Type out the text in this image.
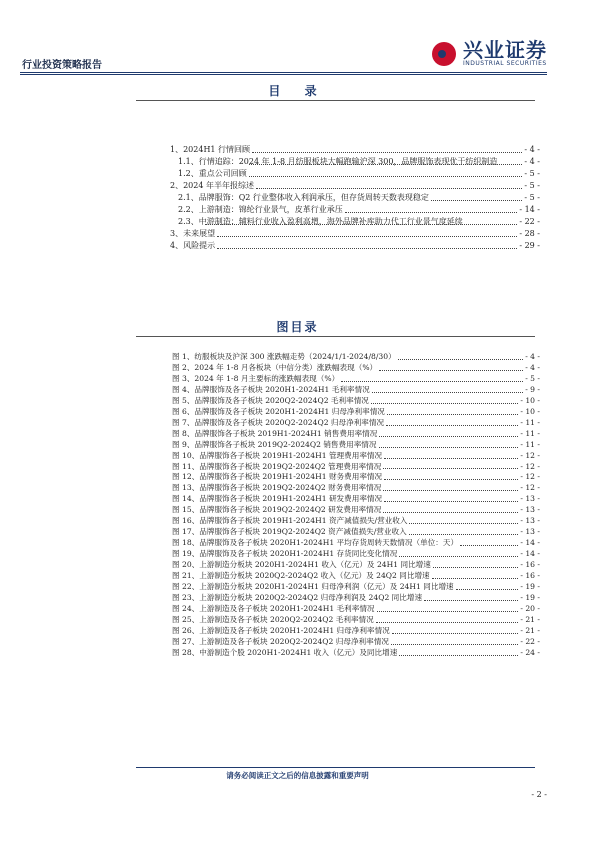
行业投资策略报告
兴业证券
INDUSTRIAL SECURITIES
目 录
1、2024H1 行情回顾	- 4 -
1.1、行情追踪：2024 年 1-8 月纺服板块大幅跑输沪深 300，品牌服饰表现优于纺织制造	- 4 -
1.2、重点公司回顾	- 5 -
2、2024 年半年报综述	- 5 -
2.1、品牌服饰：Q2 行业整体收入利润承压，但存货周转天数表现稳定	- 5 -
2.2、上游制造：锦纶行业景气，皮革行业承压	- 14 -
2.3、中游制造：辅料行业收入盈利高增，海外品牌补库助力代工行业景气度延续	- 22 -
3、未来展望	- 28 -
4、风险提示	- 29 -
图目录
图 1、纺服板块及沪深 300 涨跌幅走势（2024/1/1-2024/8/30）	- 4 -
图 2、2024 年 1-8 月各板块（中信分类）涨跌幅表现（%）	- 4 -
图 3、2024 年 1-8 月主要标的涨跌幅表现（%）	- 5 -
图 4、品牌服饰及各子板块 2020H1-2024H1 毛利率情况	- 9 -
图 5、品牌服饰及各子板块 2020Q2-2024Q2 毛利率情况	- 10 -
图 6、品牌服饰及各子板块 2020H1-2024H1 归母净利率情况	- 10 -
图 7、品牌服饰及各子板块 2020Q2-2024Q2 归母净利率情况	- 11 -
图 8、品牌服饰各子板块 2019H1-2024H1 销售费用率情况	- 11 -
图 9、品牌服饰各子板块 2019Q2-2024Q2 销售费用率情况	- 11 -
图 10、品牌服饰各子板块 2019H1-2024H1 管理费用率情况	- 12 -
图 11、品牌服饰各子板块 2019Q2-2024Q2 管理费用率情况	- 12 -
图 12、品牌服饰各子板块 2019H1-2024H1 财务费用率情况	- 12 -
图 13、品牌服饰各子板块 2019Q2-2024Q2 财务费用率情况	- 12 -
图 14、品牌服饰各子板块 2019H1-2024H1 研发费用率情况	- 13 -
图 15、品牌服饰各子板块 2019Q2-2024Q2 研发费用率情况	- 13 -
图 16、品牌服饰各子板块 2019H1-2024H1 资产减值损失/营业收入	- 13 -
图 17、品牌服饰各子板块 2019Q2-2024Q2 资产减值损失/营业收入	- 13 -
图 18、品牌服饰及各子板块 2020H1-2024H1 平均存货周转天数情况（单位：天）	- 14 -
图 19、品牌服饰及各子板块 2020H1-2024H1 存货同比变化情况	- 14 -
图 20、上游制造分板块 2020H1-2024H1 收入（亿元）及 24H1 同比增速	- 16 -
图 21、上游制造分板块 2020Q2-2024Q2 收入（亿元）及 24Q2 同比增速	- 16 -
图 22、上游制造分板块 2020H1-2024H1 归母净利润（亿元）及 24H1 同比增速	- 19 -
图 23、上游制造分板块 2020Q2-2024Q2 归母净利润及 24Q2 同比增速	- 19 -
图 24、上游制造及各子板块 2020H1-2024H1 毛利率情况	- 20 -
图 25、上游制造及各子板块 2020Q2-2024Q2 毛利率情况	- 21 -
图 26、上游制造及各子板块 2020H1-2024H1 归母净利率情况	- 21 -
图 27、上游制造及各子板块 2020Q2-2024Q2 归母净利率情况	- 22 -
图 28、中游制造个股 2020H1-2024H1 收入（亿元）及同比增速	- 24 -
请务必阅读正文之后的信息披露和重要声明
- 2 -
